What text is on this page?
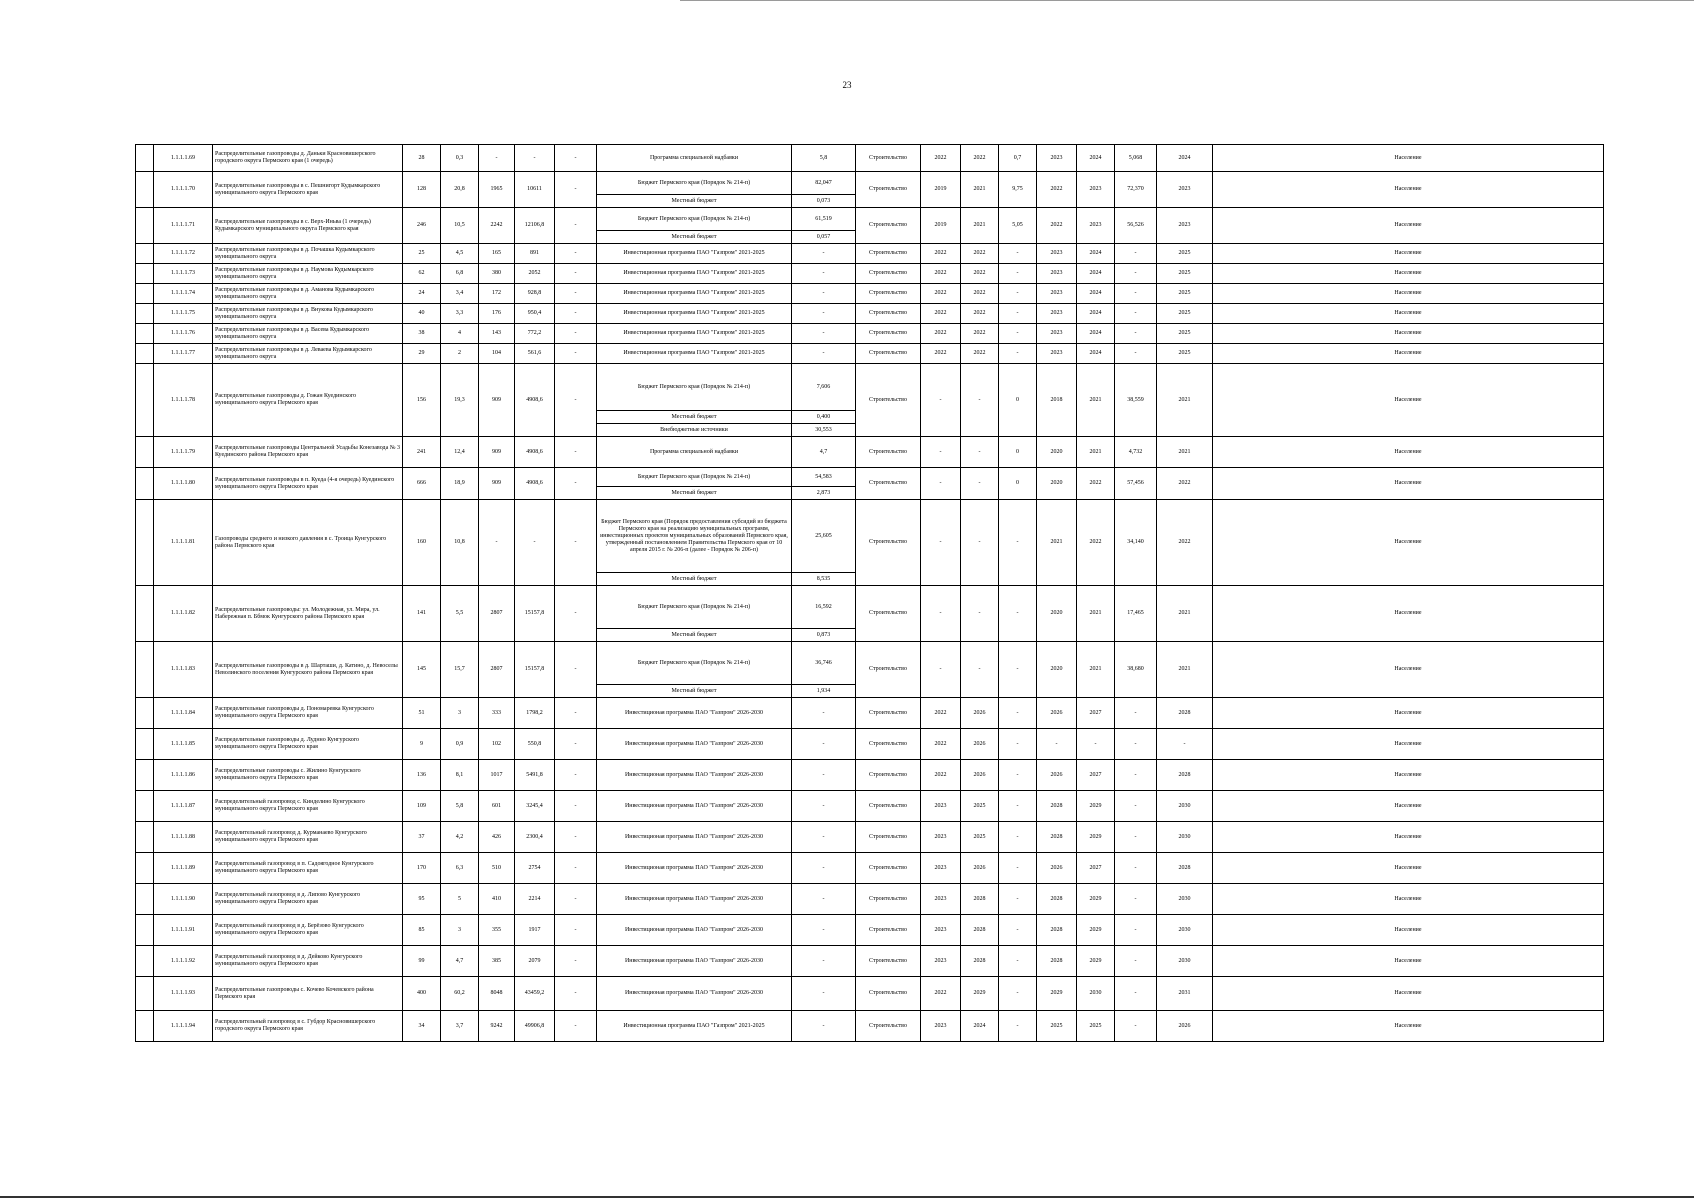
23
	1.1.1.1.69	Распределительные газопроводы д. Даньки Красновишерского городского округа Пермского края (1 очередь)	28	0,3	-	-	-	Программа специальной надбавки	5,8	Строительство	2022	2022	0,7	2023	2024	5,068	2024	Население
	1.1.1.1.70	Распределительные газопроводы в с. Пешнигорт Кудымкарского муниципального округа Пермского края	128	20,8	1965	10611	-	Бюджет Пермского края (Порядок № 214-п)	82,047	Строительство	2019	2021	9,75	2022	2023	72,370	2023	Население
								Местный бюджет	0,073									
	1.1.1.1.71	Распределительные газопроводы в с. Верх-Иньва (1 очередь) Кудымкарского муниципального округа Пермского края	246	10,5	2242	12106,8	-	Бюджет Пермского края (Порядок № 214-п)	61,519	Строительство	2019	2021	5,05	2022	2023	56,526	2023	Население
								Местный бюджет	0,057									
	1.1.1.1.72	Распределительные газопроводы в д. Почашка Кудымкарского муниципального округа	25	4,5	165	891	-	Инвестиционная программа ПАО "Газпром" 2021-2025	-	Строительство	2022	2022	-	2023	2024	-	2025	Население
	1.1.1.1.73	Распределительные газопроводы в д. Наумова Кудымкарского муниципального округа	62	6,8	380	2052	-	Инвестиционная программа ПАО "Газпром" 2021-2025	-	Строительство	2022	2022	-	2023	2024	-	2025	Население
	1.1.1.1.74	Распределительные газопроводы в д. Аманова Кудымкарского муниципального округа	24	3,4	172	928,8	-	Инвестиционная программа ПАО "Газпром" 2021-2025	-	Строительство	2022	2022	-	2023	2024	-	2025	Население
	1.1.1.1.75	Распределительные газопроводы в д. Внукова Кудымкарского муниципального округа	40	3,3	176	950,4	-	Инвестиционная программа ПАО "Газпром" 2021-2025	-	Строительство	2022	2022	-	2023	2024	-	2025	Население
	1.1.1.1.76	Распределительные газопроводы в д. Васева Кудымкарского муниципального округа	38	4	143	772,2	-	Инвестиционная программа ПАО "Газпром" 2021-2025	-	Строительство	2022	2022	-	2023	2024	-	2025	Население
	1.1.1.1.77	Распределительные газопроводы в д. Леваева Кудымкарского муниципального округа	29	2	104	561,6	-	Инвестиционная программа ПАО "Газпром" 2021-2025	-	Строительство	2022	2022	-	2023	2024	-	2025	Население
	1.1.1.1.78	Распределительные газопроводы д. Гожан Куединского муниципального округа Пермского края	156	19,3	909	4908,6	-	Бюджет Пермского края (Порядок № 214-п)	7,606	Строительство	-	-	0	2018	2021	38,559	2021	Население
								Местный бюджет	0,400									
								Внебюджетные источники	30,553									
	1.1.1.1.79	Распределительные газопроводы Центральной Усадьбы Конезавода № 3 Куединского района Пермского края	241	12,4	909	4908,6	-	Программа специальной надбавки	4,7	Строительство	-	-	0	2020	2021	4,732	2021	Население
	1.1.1.1.80	Распределительные газопроводы в п. Куеда (4-я очередь) Куединского муниципального округа Пермского края	666	18,9	909	4908,6	-	Бюджет Пермского края (Порядок № 214-п)	54,583	Строительство	-	-	0	2020	2022	57,456	2022	Население
								Местный бюджет	2,873									
	1.1.1.1.81	Газопроводы среднего и низкого давления в с. Троица Кунгурского района Пермского края	160	10,8	-	-	-	Бюджет Пермского края (Порядок предоставления субсидий из бюджета Пермского края на реализацию муниципальных программ, инвестиционных проектов муниципальных образований Пермского края, утвержденный постановлением Правительства Пермского края от 10 апреля 2015 г. № 206-п (далее - Порядок № 206-п)	25,605	Строительство	-	-	-	2021	2022	34,140	2022	Население
								Местный бюджет	8,535									
	1.1.1.1.82	Распределительные газопроводы: ул. Молодежная, ул. Мира, ул. Набережная п. Ббмок Кунгурского района Пермского края	141	5,5	2807	15157,8	-	Бюджет Пермского края (Порядок № 214-п)	16,592	Строительство	-	-	-	2020	2021	17,465	2021	Население
								Местный бюджет	0,873									
	1.1.1.1.83	Распределительные газопроводы в д. Шарташи, д. Катино, д. Невоселы Неволинского поселения Кунгурского района Пермского края	145	15,7	2807	15157,8	-	Бюджет Пермского края (Порядок № 214-п)	36,746	Строительство	-	-	-	2020	2021	38,680	2021	Население
								Местный бюджет	1,934									
	1.1.1.1.84	Распределительные газопроводы д. Пономаревка Кунгурского муниципального округа Пермского края	51	3	333	1798,2	-	Инвестиционая программа ПАО "Газпром" 2026-2030	-	Строительство	2022	2026	-	2026	2027	-	2028	Население
	1.1.1.1.85	Распределительные газопроводы д. Луднно Кунгурского муниципального округа Пермского края	9	0,9	102	550,8	-	Инвестиционая программа ПАО "Газпром" 2026-2030	-	Строительство	2022	2026	-	-	-	-	-	Население
	1.1.1.1.86	Распределительные газопроводы с. Жилино Кунгурского муниципального округа Пермского края	136	8,1	1017	5491,8	-	Инвестиционая программа ПАО "Газпром" 2026-2030	-	Строительство	2022	2026	-	2026	2027	-	2028	Население
	1.1.1.1.87	Распределительный газопровод с. Кинделино Кунгурского муниципального округа Пермского края	109	5,8	601	3245,4	-	Инвестиционая программа ПАО "Газпром" 2026-2030	-	Строительство	2023	2025	-	2028	2029	-	2030	Население
	1.1.1.1.88	Распределительный газопровод д. Курманаево Кунгурского муниципального округа Пермского края	37	4,2	426	2300,4	-	Инвестиционая программа ПАО "Газпром" 2026-2030	-	Строительство	2023	2025	-	2028	2029	-	2030	Население
	1.1.1.1.89	Распределительный газопровод в п. Садоягодное Кунгурского муниципального округа Пермского края	170	6,3	510	2754	-	Инвестиционая программа ПАО "Газпром" 2026-2030	-	Строительство	2023	2026	-	2026	2027	-	2028	Население
	1.1.1.1.90	Распределительный газопровод в д. Липово Кунгурского муниципального округа Пермского края	95	5	410	2214	-	Инвестиционая программа ПАО "Газпром" 2026-2030	-	Строительство	2023	2028	-	2028	2029	-	2030	Население
	1.1.1.1.91	Распределительный газопровод в д. Берёзово Кунгурского муниципального округа Пермского края	85	3	355	1917	-	Инвестиционая программа ПАО "Газпром" 2026-2030	-	Строительство	2023	2028	-	2028	2029	-	2030	Население
	1.1.1.1.92	Распределительный газопровод в д. Дейково Кунгурского муниципального округа Пермского края	99	4,7	385	2079	-	Инвестиционая программа ПАО "Газпром" 2026-2030	-	Строительство	2023	2028	-	2028	2029	-	2030	Население
	1.1.1.1.93	Распределительные газопроводы с. Кочево Кочевского района Пермского края	400	60,2	8048	43459,2	-	Инвестиционая программа ПАО "Газпром" 2026-2030	-	Строительство	2022	2029	-	2029	2030	-	2031	Население
	1.1.1.1.94	Распределительный газопровод в с. Губдор Красновишерского городского округа Пермского края	34	3,7	9242	49906,8	-	Инвестиционная программа ПАО "Газпром" 2021-2025	-	Строительство	2023	2024	-	2025	2025	-	2026	Население
